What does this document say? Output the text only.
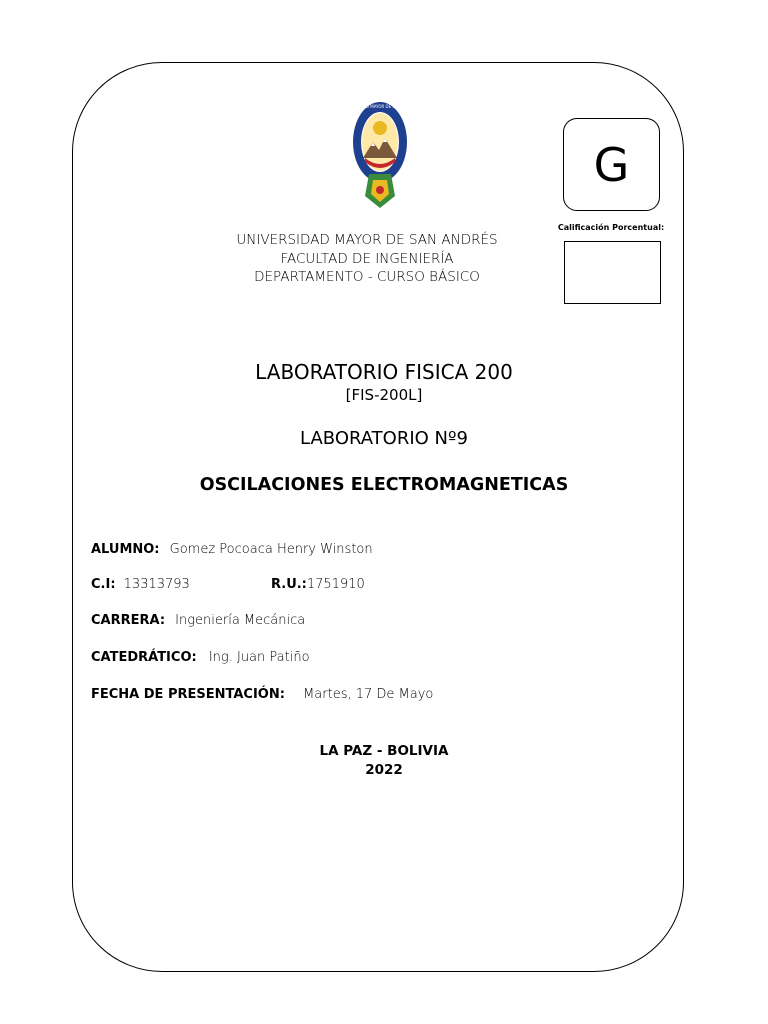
UNIVERSIDAD MAYOR DE SAN ANDRÉS
UNIVERSIDAD MAYOR DE SAN ANDRÉS
FACULTAD DE INGENIERÍA
DEPARTAMENTO - CURSO BÁSICO
G
Calificación Porcentual:
LABORATORIO FISICA 200
[FIS-200L]
LABORATORIO Nº9
OSCILACIONES ELECTROMAGNETICAS
ALUMNO: Gomez Pocoaca Henry Winston
C.I: 13313793	R.U.:1751910
CARRERA: Ingeniería Mecánica
CATEDRÁTICO: Ing. Juan Patiño
FECHA DE PRESENTACIÓN: Martes, 17 De Mayo
LA PAZ - BOLIVIA
2022
